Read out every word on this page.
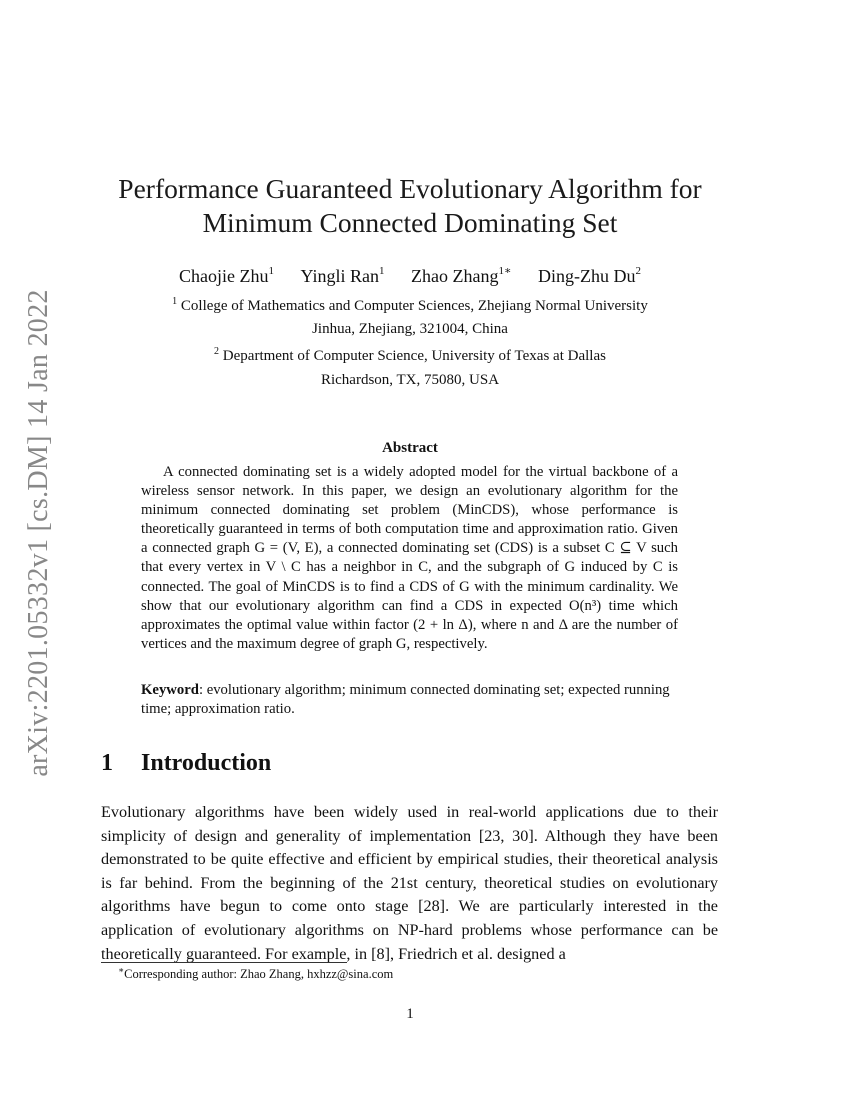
arXiv:2201.05332v1 [cs.DM] 14 Jan 2022
Performance Guaranteed Evolutionary Algorithm for
Minimum Connected Dominating Set
Chaojie Zhu$^1$ Yingli Ran$^1$ Zhao Zhang$^{1∗}$ Ding-Zhu Du$^2$
$^1$ College of Mathematics and Computer Sciences, Zhejiang Normal University
Jinhua, Zhejiang, 321004, China
$^2$ Department of Computer Science, University of Texas at Dallas
Richardson, TX, 75080, USA
Abstract
A connected dominating set is a widely adopted model for the virtual backbone of a wireless sensor network. In this paper, we design an evolutionary algorithm for the minimum connected dominating set problem (MinCDS), whose performance is theoretically guaranteed in terms of both computation time and approximation ratio. Given a connected graph G = (V, E), a connected dominating set (CDS) is a subset C ⊆ V such that every vertex in V \ C has a neighbor in C, and the subgraph of G induced by C is connected. The goal of MinCDS is to find a CDS of G with the minimum cardinality. We show that our evolutionary algorithm can find a CDS in expected O(n³) time which approximates the optimal value within factor (2 + ln Δ), where n and Δ are the number of vertices and the maximum degree of graph G, respectively.
Keyword: evolutionary algorithm; minimum connected dominating set; expected running time; approximation ratio.
1 Introduction
Evolutionary algorithms have been widely used in real-world applications due to their simplicity of design and generality of implementation [23, 30]. Although they have been demonstrated to be quite effective and efficient by empirical studies, their theoretical analysis is far behind. From the beginning of the 21st century, theoretical studies on evolutionary algorithms have begun to come onto stage [28]. We are particularly interested in the application of evolutionary algorithms on NP-hard problems whose performance can be theoretically guaranteed. For example, in [8], Friedrich et al. designed a
∗Corresponding author: Zhao Zhang, hxhzz@sina.com
1
